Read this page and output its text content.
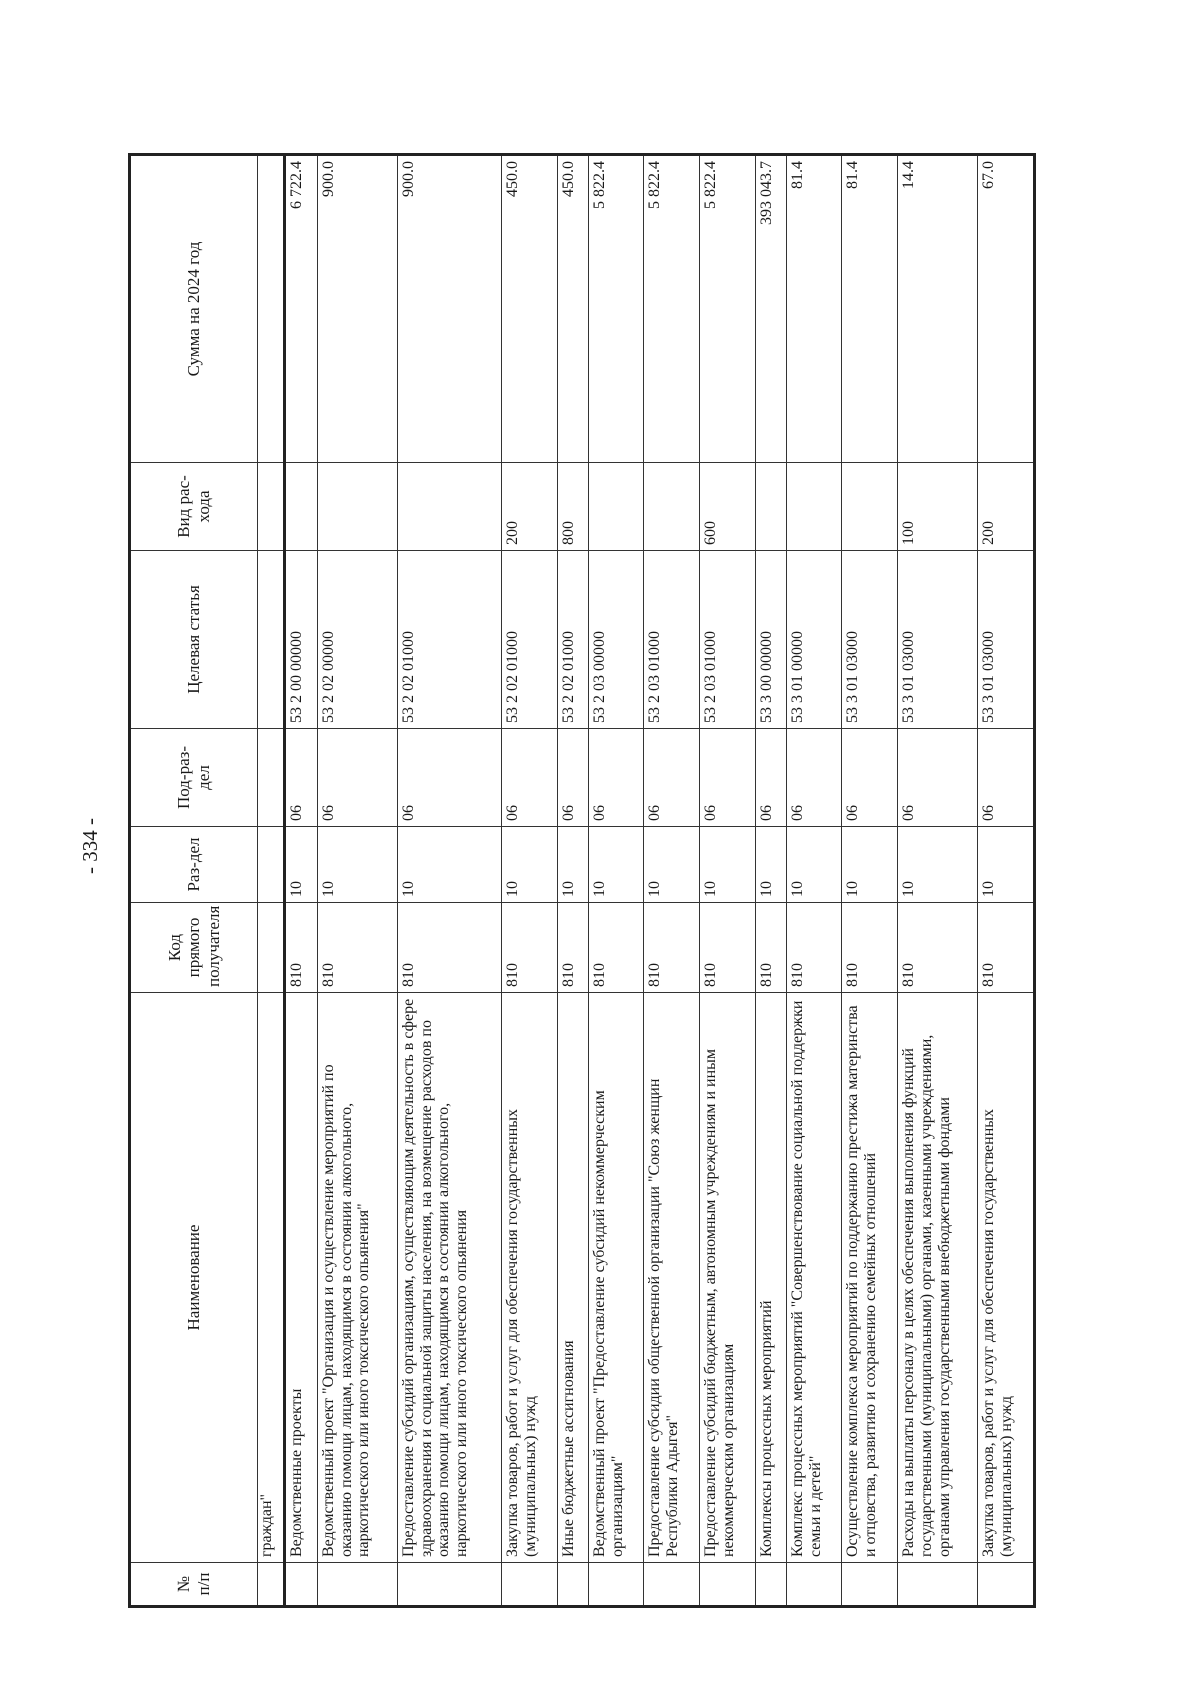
- 334 -
№ п/п	Наименование	Код прямого получателя	Раз-дел	Под-раз-дел	Целевая статья	Вид рас-хода	Сумма на 2024 год
	граждан"						
	Ведомственные проекты	810	10	06	53 2 00 00000		6 722.4
	Ведомственный проект "Организация и осуществление мероприятий по оказанию помощи лицам, находящимся в состоянии алкогольного, наркотического или иного токсического опьянения"	810	10	06	53 2 02 00000		900.0
	Предоставление субсидий организациям, осуществляющим деятельность в сфере здравоохранения и социальной защиты населения, на возмещение расходов по оказанию помощи лицам, находящимся в состоянии алкогольного, наркотического или иного токсического опьянения	810	10	06	53 2 02 01000		900.0
	Закупка товаров, работ и услуг для обеспечения государственных (муниципальных) нужд	810	10	06	53 2 02 01000	200	450.0
	Иные бюджетные ассигнования	810	10	06	53 2 02 01000	800	450.0
	Ведомственный проект "Предоставление субсидий некоммерческим организациям"	810	10	06	53 2 03 00000		5 822.4
	Предоставление субсидии общественной организации "Союз женщин Республики Адыгея"	810	10	06	53 2 03 01000		5 822.4
	Предоставление субсидий бюджетным, автономным учреждениям и иным некоммерческим организациям	810	10	06	53 2 03 01000	600	5 822.4
	Комплексы процессных мероприятий	810	10	06	53 3 00 00000		393 043.7
	Комплекс процессных мероприятий "Совершенствование социальной поддержки семьи и детей"	810	10	06	53 3 01 00000		81.4
	Осуществление комплекса мероприятий по поддержанию престижа материнства и отцовства, развитию и сохранению семейных отношений	810	10	06	53 3 01 03000		81.4
	Расходы на выплаты персоналу в целях обеспечения выполнения функций государственными (муниципальными) органами, казенными учреждениями, органами управления государственными внебюджетными фондами	810	10	06	53 3 01 03000	100	14.4
	Закупка товаров, работ и услуг для обеспечения государственных (муниципальных) нужд	810	10	06	53 3 01 03000	200	67.0
